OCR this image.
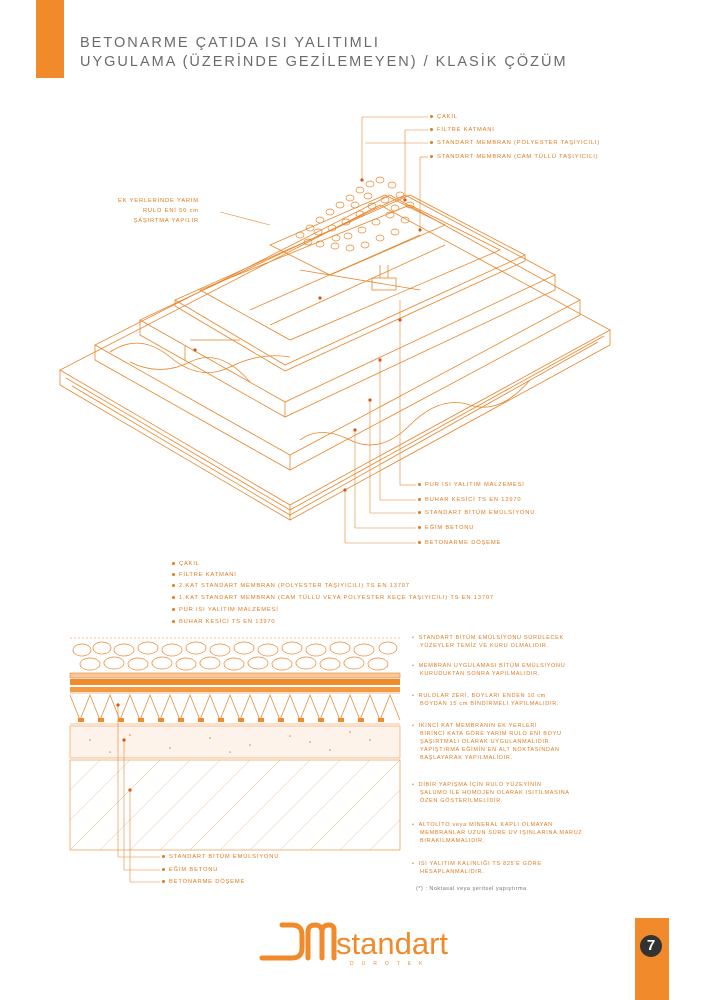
BETONARME ÇATIDA ISI YALITIMLI
UYGULAMA (ÜZERİNDE GEZİLEMEYEN) / KLASİK ÇÖZÜM
ÇAKIL
FİLTRE KATMANI
STANDART MEMBRAN (POLYESTER TAŞIYICILI)
STANDART MEMBRAN (CAM TÜLLÜ TAŞIYICILI)
EK YERLERİNDE YARIM
RULO ENİ 50 cm
ŞAŞIRTMA YAPILIR
PUR ISI YALITIM MALZEMESİ
BUHAR KESİCİ TS EN 13970
STANDART BİTÜM EMÜLSİYONU
EĞİM BETONU
BETONARME DÖŞEME
ÇAKIL
FİLTRE KATMANI
2.KAT STANDART MEMBRAN (POLYESTER TAŞIYICILI) TS EN 13707
1.KAT STANDART MEMBRAN (CAM TÜLLÜ VEYA POLYESTER KEÇE TAŞIYICILI) TS EN 13707
PUR ISI YALITIM MALZEMESİ
BUHAR KESİCİ TS EN 13970
STANDART BİTÜM EMÜLSİYONU
EĞİM BETONU
BETONARME DÖŞEME
• STANDART BİTÜM EMÜLSİYONU SÜRÜLECEK
YÜZEYLER TEMİZ VE KURU OLMALIDIR.
• MEMBRAN UYGULAMASI BİTÜM EMÜLSİYONU
KURUDUKTAN SONRA YAPILMALIDIR.
• RULOLAR ZERİ, BOYLARI ENDEN 10 cm
BOYDAN 15 cm BİNDİRMELİ YAPILMALIDIR.
• İKİNCİ KAT MEMBRANIN EK YERLERİ
BİRİNCİ KATA GÖRE YARIM RULO ENİ BOYU
ŞAŞIRTMALI OLARAK UYGULANMALIDIR.
YAPIŞTIRMA EĞİMİN EN ALT NOKTASINDAN
BAŞLAYARAK YAPILMALIDIR.
• DİBİR YAPIŞMA İÇİN RULO YÜZEYİNİN
ŞALUMO İLE HOMOJEN OLARAK ISITILMASINA
ÖZEN GÖSTERİLMELİDİR.
• ALTOLİTO veya MİNERAL KAPLI OLMAYAN
MEMBRANLAR UZUN SÜRE UV IŞINLARINA MARUZ
BIRAKILMAMALIDIR.
• ISI YALITIM KALINLIĞI TS 825'E GÖRE
HESAPLANMALIDIR.
(*) : Noktasal veya şeritsel yapıştırma
standart
DUROTEK
7
